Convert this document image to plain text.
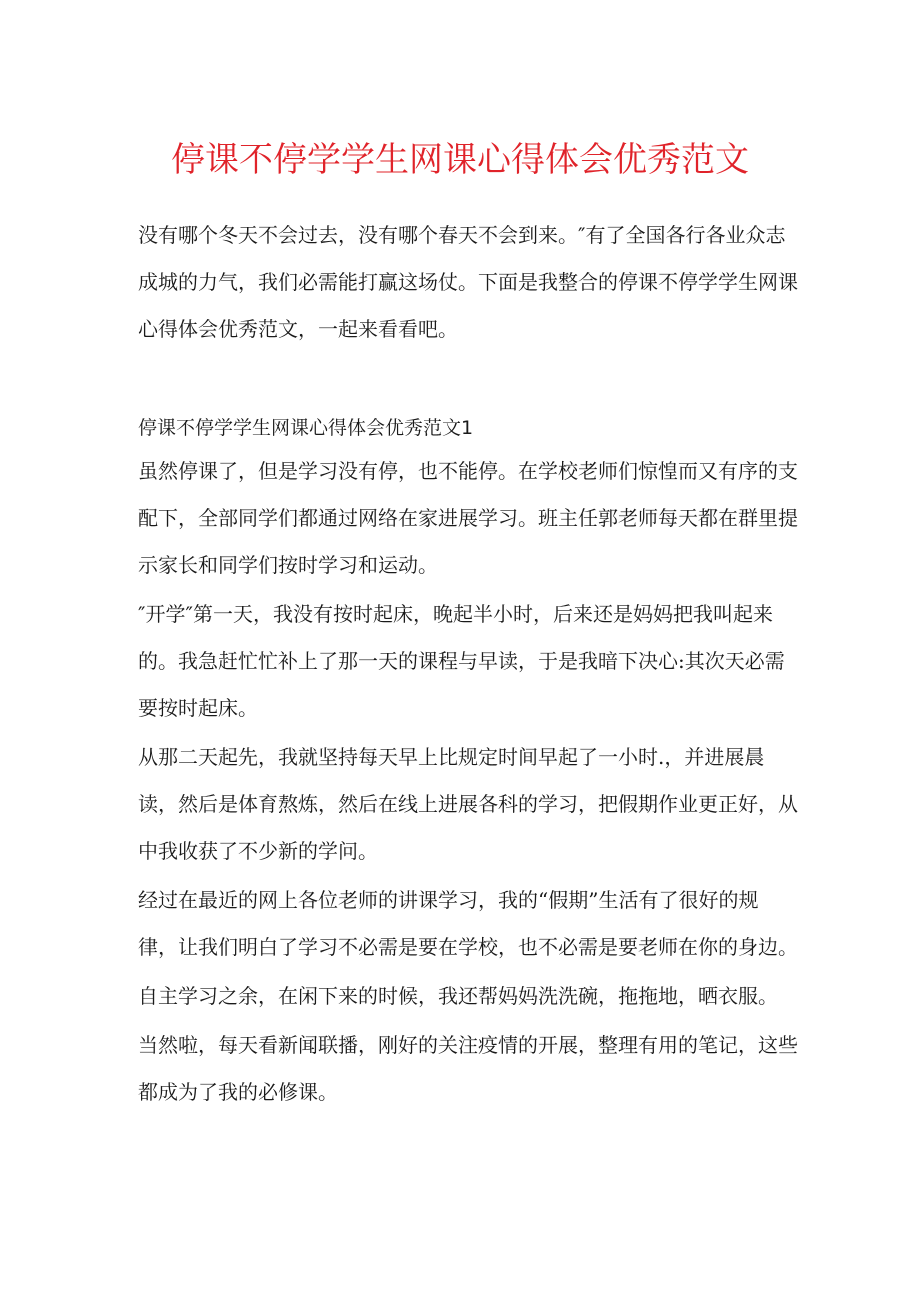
停课不停学学生网课心得体会优秀范文
没有哪个冬天不会过去，没有哪个春天不会到来。″有了全国各行各业众志成城的力气，我们必需能打赢这场仗。下面是我整合的停课不停学学生网课心得体会优秀范文，一起来看看吧。
停课不停学学生网课心得体会优秀范文1

虽然停课了，但是学习没有停，也不能停。在学校老师们惊惶而又有序的支配下，全部同学们都通过网络在家进展学习。班主任郭老师每天都在群里提示家长和同学们按时学习和运动。

″开学″第一天，我没有按时起床，晚起半小时，后来还是妈妈把我叫起来的。我急赶忙忙补上了那一天的课程与早读，于是我暗下决心:其次天必需要按时起床。

从那二天起先，我就坚持每天早上比规定时间早起了一小时.，并进展晨读，然后是体育熬炼，然后在线上进展各科的学习，把假期作业更正好，从中我收获了不少新的学问。

经过在最近的网上各位老师的讲课学习，我的“假期”生活有了很好的规律，让我们明白了学习不必需是要在学校，也不必需是要老师在你的身边。

自主学习之余，在闲下来的时候，我还帮妈妈洗洗碗，拖拖地，晒衣服。

当然啦，每天看新闻联播，刚好的关注疫情的开展，整理有用的笔记，这些都成为了我的必修课。
